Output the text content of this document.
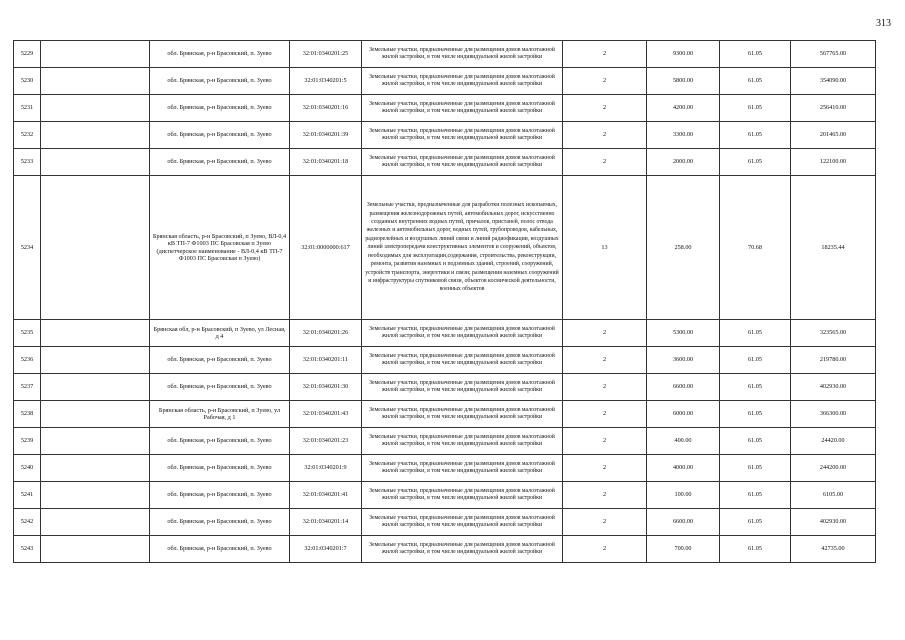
313
5229		обл. Брянская, р-н Брасовский, п. Зуево	32:01:0340201:25	Земельные участки, предназначенные для размещения домов малоэтажной жилой застройки, в том числе индивидуальной жилой застройки	2	9300.00	61.05	567765.00
5230		обл. Брянская, р-н Брасовский, п. Зуево	32:01:0340201:5	Земельные участки, предназначенные для размещения домов малоэтажной жилой застройки, в том числе индивидуальной жилой застройки	2	5800.00	61.05	354090.00
5231		обл. Брянская, р-н Брасовский, п. Зуево	32:01:0340201:16	Земельные участки, предназначенные для размещения домов малоэтажной жилой застройки, в том числе индивидуальной жилой застройки	2	4200.00	61.05	256410.00
5232		обл. Брянская, р-н Брасовский, п. Зуево	32:01:0340201:39	Земельные участки, предназначенные для размещения домов малоэтажной жилой застройки, в том числе индивидуальной жилой застройки	2	3300.00	61.05	201465.00
5233		обл. Брянская, р-н Брасовский, п. Зуево	32:01:0340201:18	Земельные участки, предназначенные для размещения домов малоэтажной жилой застройки, в том числе индивидуальной жилой застройки	2	2000.00	61.05	122100.00
5234		Брянская область, р-н Брасовский, п Зуево, ВЛ-0,4 кВ ТП-7 Ф1003 ПС Брасовская п Зуево (диспетчерское наименование - ВЛ-0,4 кВ ТП-7 Ф1003 ПС Брасовская п Зуево)	32:01:0000000:617	Земельные участки, предназначенные для разработки полезных ископаемых, размещения железнодорожных путей, автомобильных дорог, искусственно созданных внутренних водных путей, причалов, пристаней, полос отвода железных и автомобильных дорог, водных путей, трубопроводов, кабельных, радиорелейных и воздушных линий связи и линий радиофикации, воздушных линий электропередачи конструктивных элементов и сооружений, объектов, необходимых для эксплуатации,содержания, строительства, реконструкции, ремонта, развития наземных и подземных зданий, строений, сооружений, устройств транспорта, энергетики и связи; размещения наземных сооружений и инфраструктуры спутниковой связи, объектов космической деятельности, военных объектов	13	258.00	70.68	18235.44
5235		Брянская обл, р-н Брасовский, п Зуево, ул Лесная, д 4	32:01:0340201:26	Земельные участки, предназначенные для размещения домов малоэтажной жилой застройки, в том числе индивидуальной жилой застройки	2	5300.00	61.05	323565.00
5236		обл. Брянская, р-н Брасовский, п. Зуево	32:01:0340201:11	Земельные участки, предназначенные для размещения домов малоэтажной жилой застройки, в том числе индивидуальной жилой застройки	2	3600.00	61.05	219780.00
5237		обл. Брянская, р-н Брасовский, п. Зуево	32:01:0340201:30	Земельные участки, предназначенные для размещения домов малоэтажной жилой застройки, в том числе индивидуальной жилой застройки	2	6600.00	61.05	402930.00
5238		Брянская область, р-н Брасовский, п Зуево, ул Рабочая, д 1	32:01:0340201:43	Земельные участки, предназначенные для размещения домов малоэтажной жилой застройки, в том числе индивидуальной жилой застройки	2	6000.00	61.05	366300.00
5239		обл. Брянская, р-н Брасовский, п. Зуево	32:01:0340201:23	Земельные участки, предназначенные для размещения домов малоэтажной жилой застройки, в том числе индивидуальной жилой застройки	2	400.00	61.05	24420.00
5240		обл. Брянская, р-н Брасовский, п. Зуево	32:01:0340201:9	Земельные участки, предназначенные для размещения домов малоэтажной жилой застройки, в том числе индивидуальной жилой застройки	2	4000.00	61.05	244200.00
5241		обл. Брянская, р-н Брасовский, п. Зуево	32:01:0340201:41	Земельные участки, предназначенные для размещения домов малоэтажной жилой застройки, в том числе индивидуальной жилой застройки	2	100.00	61.05	6105.00
5242		обл. Брянская, р-н Брасовский, п. Зуево	32:01:0340201:14	Земельные участки, предназначенные для размещения домов малоэтажной жилой застройки, в том числе индивидуальной жилой застройки	2	6600.00	61.05	402930.00
5243		обл. Брянская, р-н Брасовский, п. Зуево	32:01:0340201:7	Земельные участки, предназначенные для размещения домов малоэтажной жилой застройки, в том числе индивидуальной жилой застройки	2	700.00	61.05	42735.00
